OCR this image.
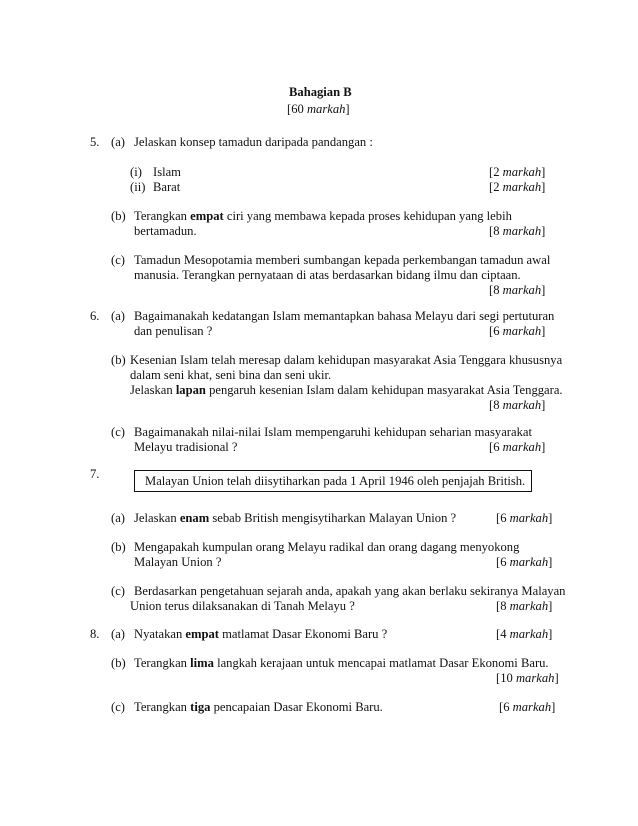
Bahagian B
[60 markah]
5. (a) Jelaskan konsep tamadun daripada pandangan :
(i) Islam	[2 markah]
(ii) Barat	[2 markah]
(b) Terangkan empat ciri yang membawa kepada proses kehidupan yang lebih
bertamadun.	[8 markah]
(c) Tamadun Mesopotamia memberi sumbangan kepada perkembangan tamadun awal
manusia. Terangkan pernyataan di atas berdasarkan bidang ilmu dan ciptaan.
[8 markah]
6. (a) Bagaimanakah kedatangan Islam memantapkan bahasa Melayu dari segi pertuturan
dan penulisan ?	[6 markah]
(b) Kesenian Islam telah meresap dalam kehidupan masyarakat Asia Tenggara khususnya
dalam seni khat, seni bina dan seni ukir.
Jelaskan lapan pengaruh kesenian Islam dalam kehidupan masyarakat Asia Tenggara.
[8 markah]
(c) Bagaimanakah nilai-nilai Islam mempengaruhi kehidupan seharian masyarakat
Melayu tradisional ?	[6 markah]
7.	Malayan Union telah diisytiharkan pada 1 April 1946 oleh penjajah British.
(a) Jelaskan enam sebab British mengisytiharkan Malayan Union ?	[6 markah]
(b) Mengapakah kumpulan orang Melayu radikal dan orang dagang menyokong
Malayan Union ?	[6 markah]
(c) Berdasarkan pengetahuan sejarah anda, apakah yang akan berlaku sekiranya Malayan
Union terus dilaksanakan di Tanah Melayu ?	[8 markah]
8. (a) Nyatakan empat matlamat Dasar Ekonomi Baru ?	[4 markah]
(b) Terangkan lima langkah kerajaan untuk mencapai matlamat Dasar Ekonomi Baru.
[10 markah]
(c) Terangkan tiga pencapaian Dasar Ekonomi Baru.	[6 markah]
